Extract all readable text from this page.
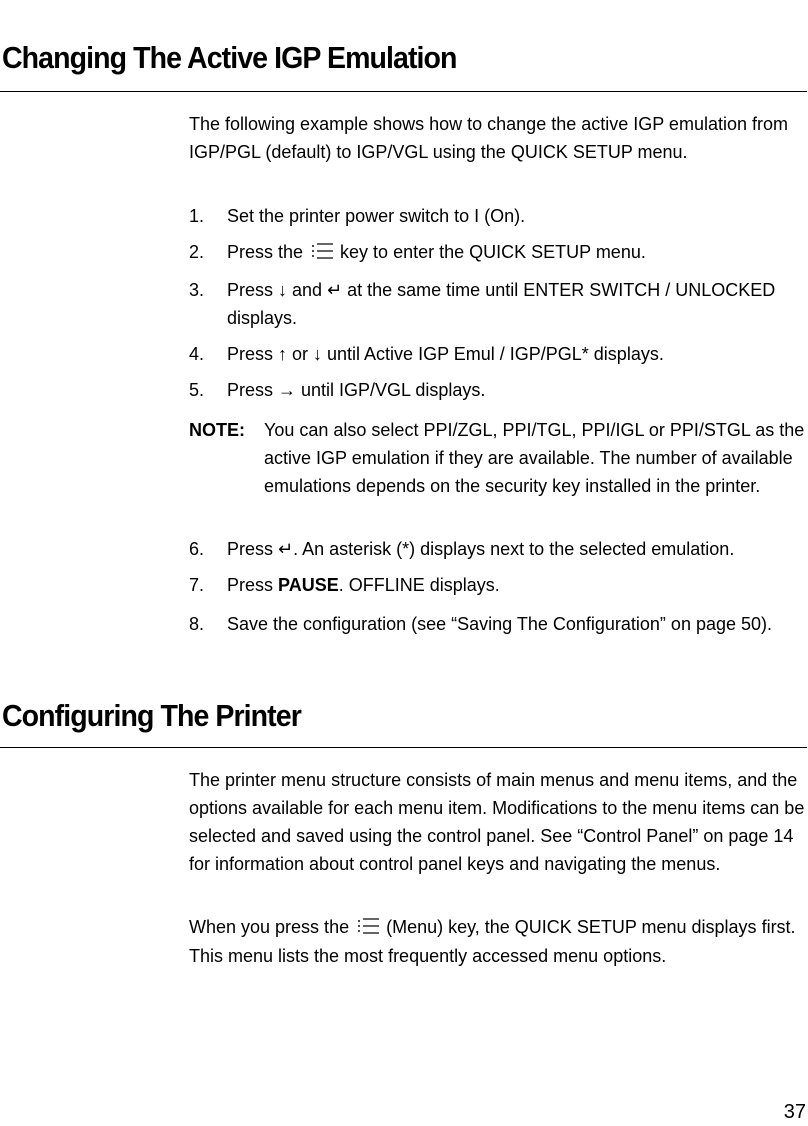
Changing The Active IGP Emulation

The following example shows how to change the active IGP emulation from IGP/PGL (default) to IGP/VGL using the QUICK SETUP menu.

1. Set the printer power switch to I (On).
2. Press the key to enter the QUICK SETUP menu.
3. Press ↓ and ↵ at the same time until ENTER SWITCH / UNLOCKED displays.
4. Press ↑ or ↓ until Active IGP Emul / IGP/PGL* displays.
5. Press → until IGP/VGL displays.
NOTE: You can also select PPI/ZGL, PPI/TGL, PPI/IGL or PPI/STGL as the active IGP emulation if they are available. The number of available emulations depends on the security key installed in the printer.
6. Press ↵. An asterisk (*) displays next to the selected emulation.
7. Press PAUSE. OFFLINE displays.
8. Save the configuration (see “Saving The Configuration” on page 50).
Configuring The Printer

The printer menu structure consists of main menus and menu items, and the options available for each menu item. Modifications to the menu items can be selected and saved using the control panel. See “Control Panel” on page 14 for information about control panel keys and navigating the menus.

When you press the (Menu) key, the QUICK SETUP menu displays first. This menu lists the most frequently accessed menu options.

37
